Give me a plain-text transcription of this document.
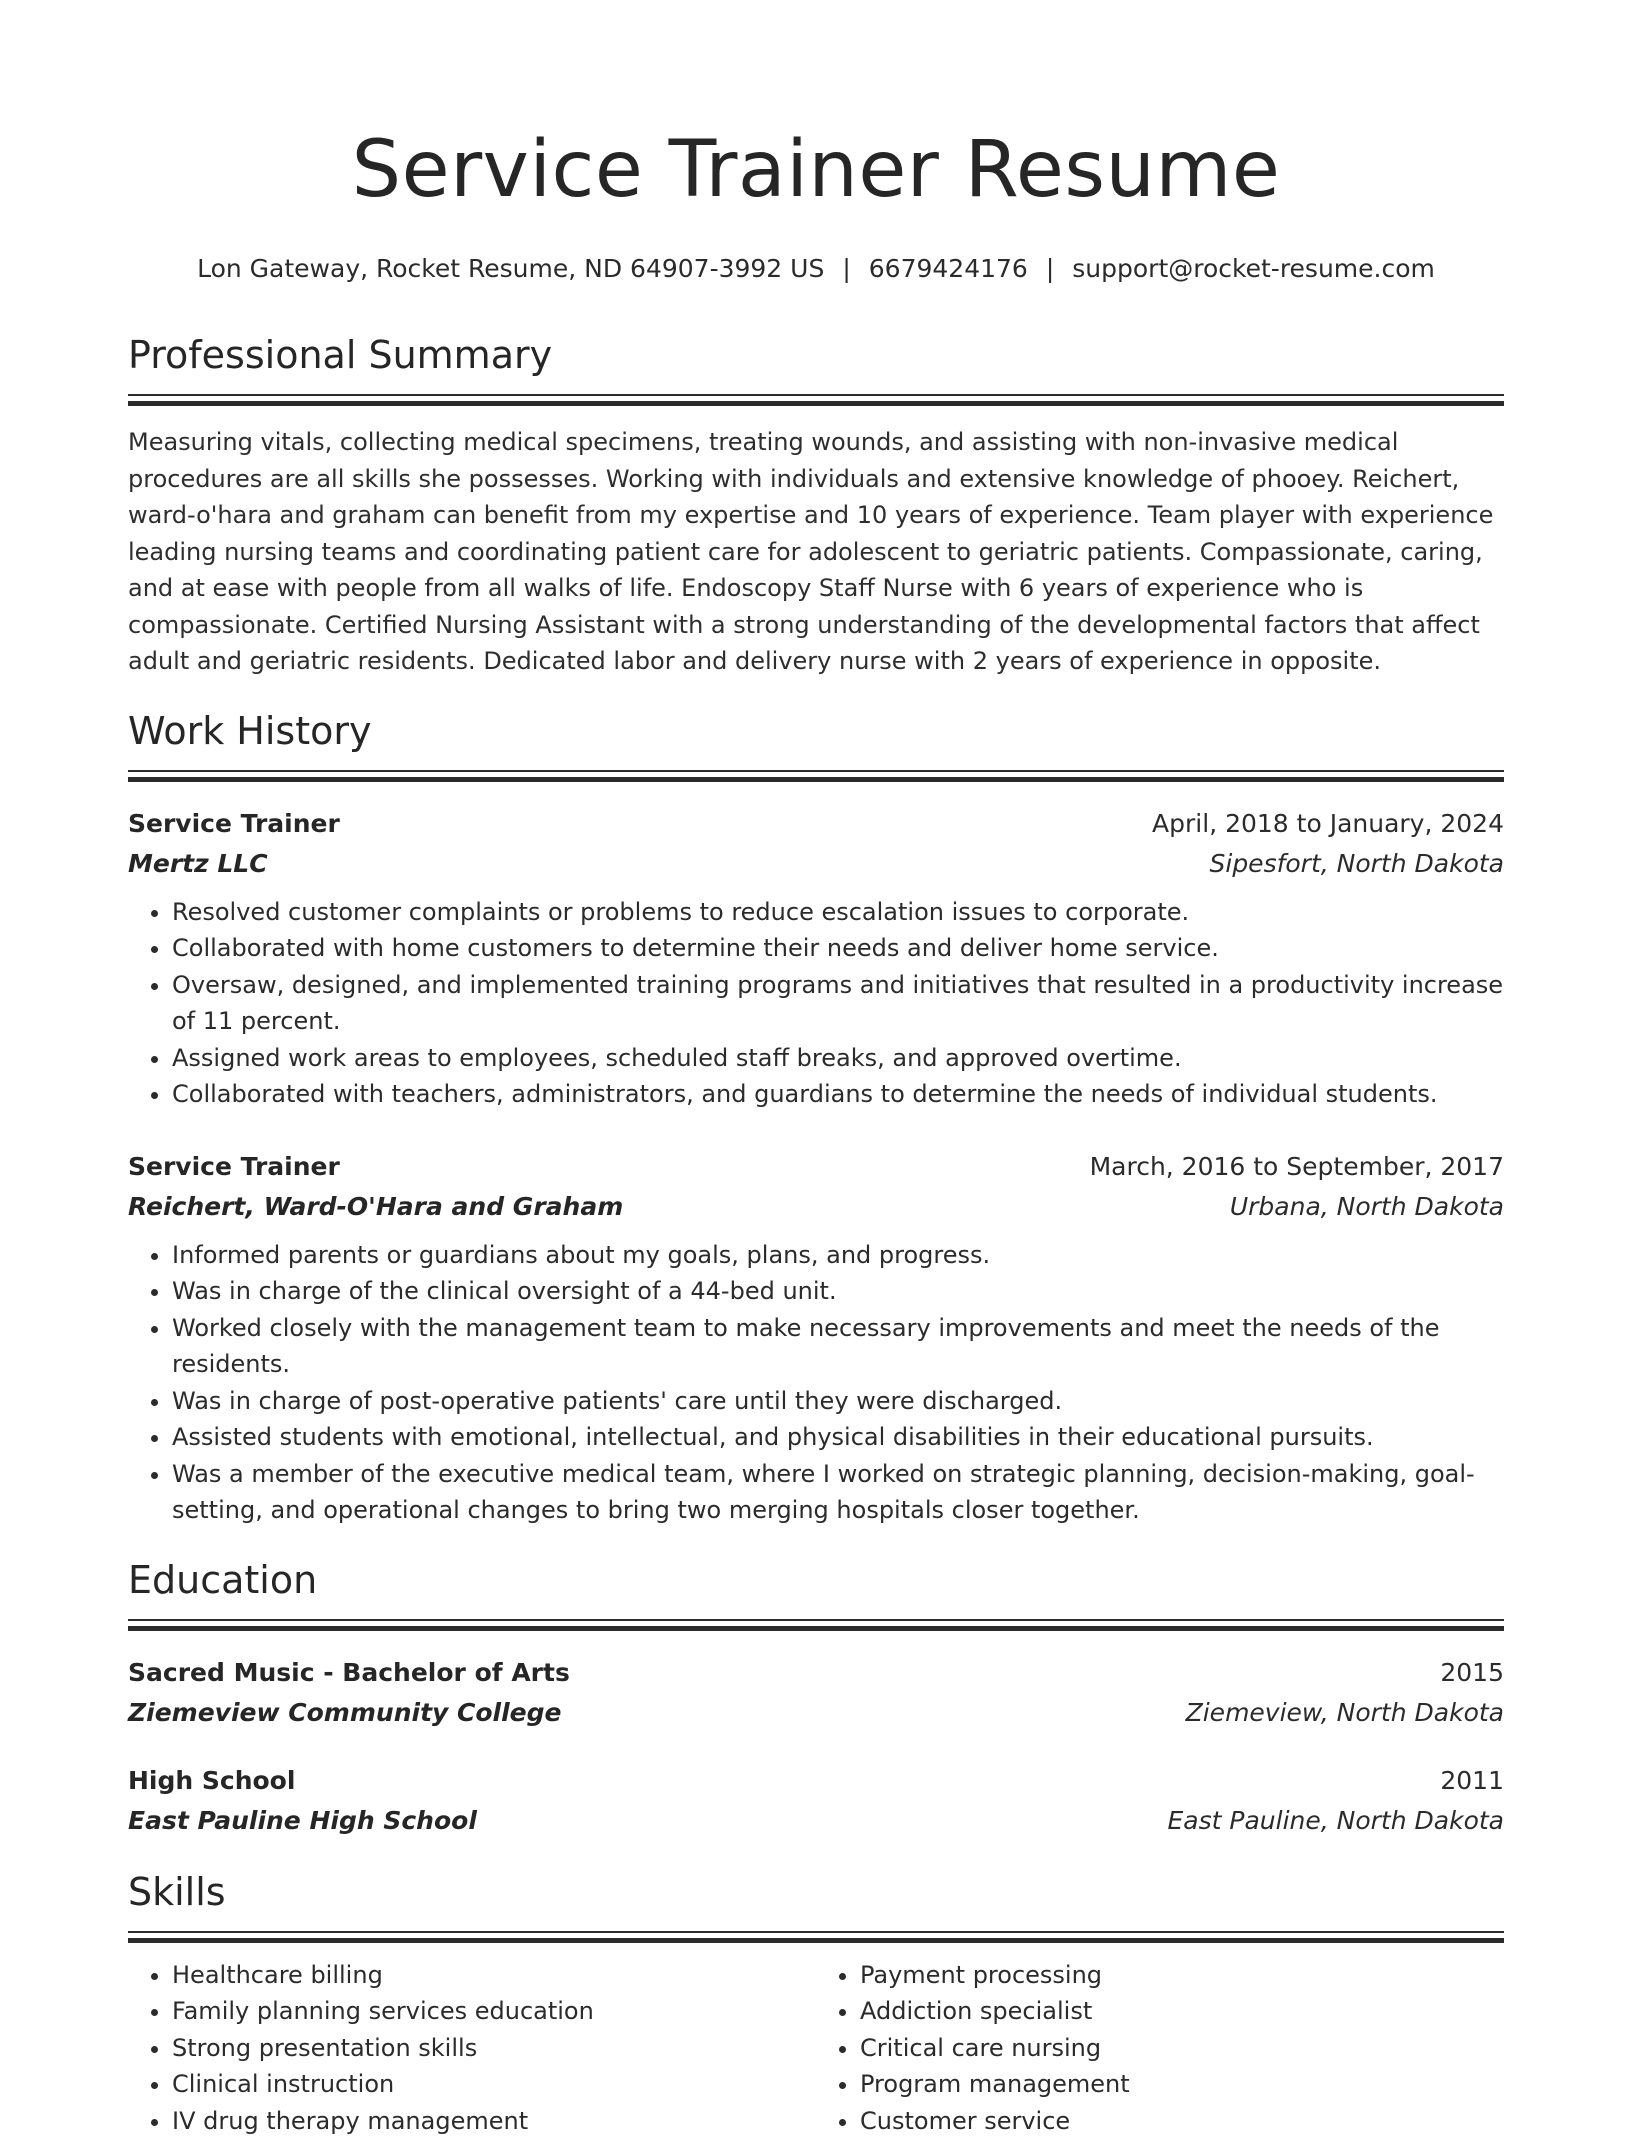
Service Trainer Resume
Lon Gateway, Rocket Resume, ND 64907-3992 US | 6679424176 | support@rocket-resume.com
Professional Summary
Measuring vitals, collecting medical specimens, treating wounds, and assisting with non-invasive medical procedures are all skills she possesses. Working with individuals and extensive knowledge of phooey. Reichert, ward-o'hara and graham can benefit from my expertise and 10 years of experience. Team player with experience leading nursing teams and coordinating patient care for adolescent to geriatric patients. Compassionate, caring, and at ease with people from all walks of life. Endoscopy Staff Nurse with 6 years of experience who is compassionate. Certified Nursing Assistant with a strong understanding of the developmental factors that affect adult and geriatric residents. Dedicated labor and delivery nurse with 2 years of experience in opposite.
Work History
Service Trainer	April, 2018 to January, 2024
Mertz LLC	Sipesfort, North Dakota
• Resolved customer complaints or problems to reduce escalation issues to corporate.
• Collaborated with home customers to determine their needs and deliver home service.
• Oversaw, designed, and implemented training programs and initiatives that resulted in a productivity increase of 11 percent.
• Assigned work areas to employees, scheduled staff breaks, and approved overtime.
• Collaborated with teachers, administrators, and guardians to determine the needs of individual students.
Service Trainer	March, 2016 to September, 2017
Reichert, Ward-O'Hara and Graham	Urbana, North Dakota
• Informed parents or guardians about my goals, plans, and progress.
• Was in charge of the clinical oversight of a 44-bed unit.
• Worked closely with the management team to make necessary improvements and meet the needs of the residents.
• Was in charge of post-operative patients' care until they were discharged.
• Assisted students with emotional, intellectual, and physical disabilities in their educational pursuits.
• Was a member of the executive medical team, where I worked on strategic planning, decision-making, goal-setting, and operational changes to bring two merging hospitals closer together.
Education
Sacred Music - Bachelor of Arts	2015
Ziemeview Community College	Ziemeview, North Dakota
High School	2011
East Pauline High School	East Pauline, North Dakota
Skills
• Healthcare billing
• Family planning services education
• Strong presentation skills
• Clinical instruction
• IV drug therapy management
• Payment processing
• Addiction specialist
• Critical care nursing
• Program management
• Customer service
